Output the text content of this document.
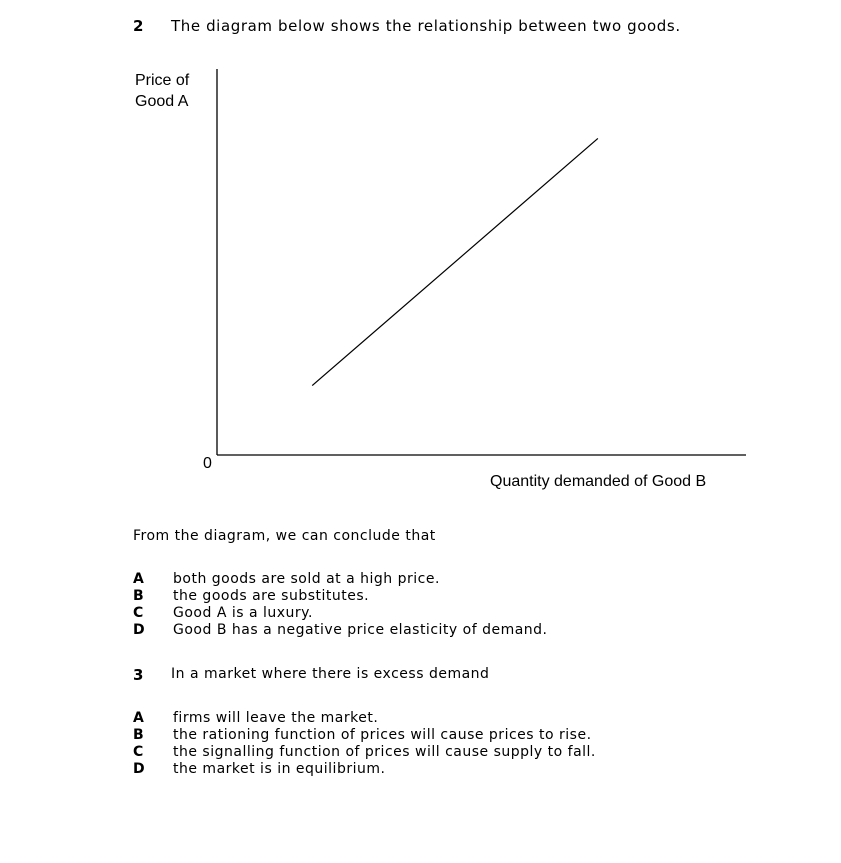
2 The diagram below shows the relationship between two goods.
Price of
Good A
0
Quantity demanded of Good B
From the diagram, we can conclude that
A both goods are sold at a high price.
B the goods are substitutes.
C Good A is a luxury.
D Good B has a negative price elasticity of demand.
3 In a market where there is excess demand
A firms will leave the market.
B the rationing function of prices will cause prices to rise.
C the signalling function of prices will cause supply to fall.
D the market is in equilibrium.
